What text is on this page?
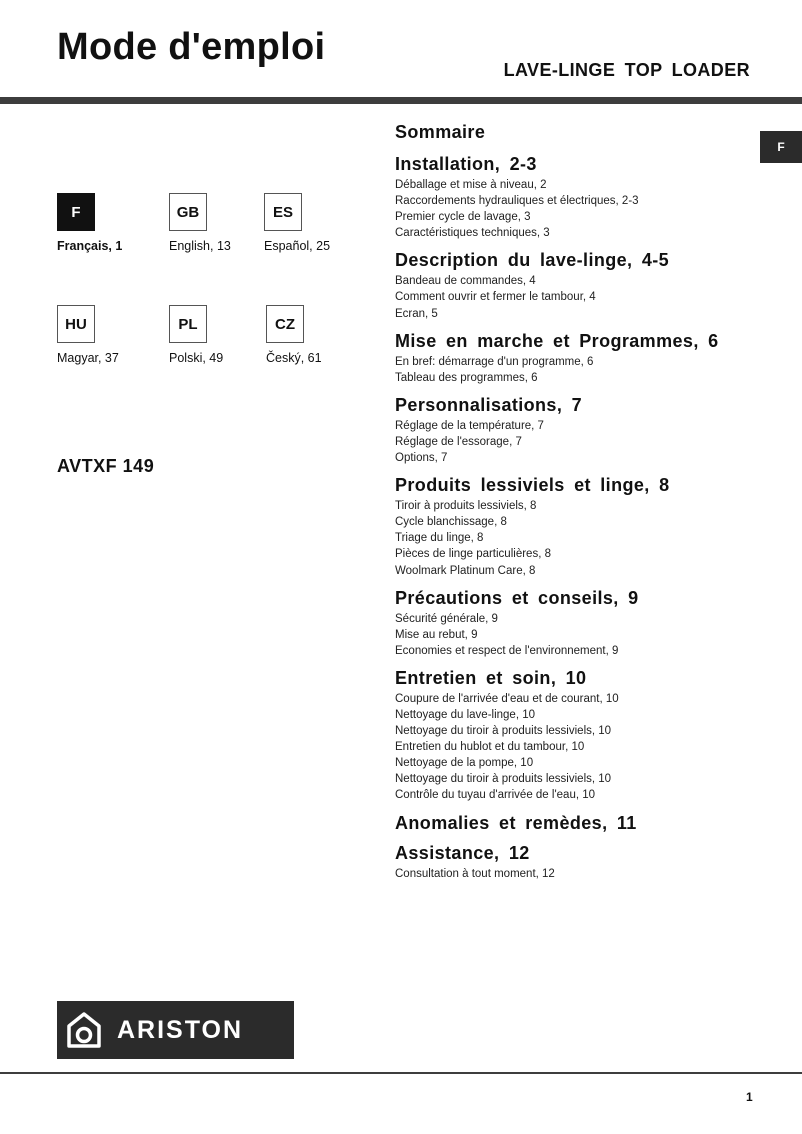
Mode d'emploi
LAVE-LINGE TOP LOADER
F
F
Français, 1
GB
English, 13
ES
Español, 25
HU
Magyar, 37
PL
Polski, 49
CZ
Český, 61
AVTXF 149
Sommaire
Installation, 2-3
Déballage et mise à niveau, 2
Raccordements hydrauliques et électriques, 2-3
Premier cycle de lavage, 3
Caractéristiques techniques, 3
Description du lave-linge, 4-5
Bandeau de commandes, 4
Comment ouvrir et fermer le tambour, 4
Ecran, 5
Mise en marche et Programmes, 6
En bref: démarrage d'un programme, 6
Tableau des programmes, 6
Personnalisations, 7
Réglage de la température, 7
Réglage de l'essorage, 7
Options, 7
Produits lessiviels et linge, 8
Tiroir à produits lessiviels, 8
Cycle blanchissage, 8
Triage du linge, 8
Pièces de linge particulières, 8
Woolmark Platinum Care, 8
Précautions et conseils, 9
Sécurité générale, 9
Mise au rebut, 9
Economies et respect de l'environnement, 9
Entretien et soin, 10
Coupure de l'arrivée d'eau et de courant, 10
Nettoyage du lave-linge, 10
Nettoyage du tiroir à produits lessiviels, 10
Entretien du hublot et du tambour, 10
Nettoyage de la pompe, 10
Nettoyage du tiroir à produits lessiviels, 10
Contrôle du tuyau d'arrivée de l'eau, 10
Anomalies et remèdes, 11
Assistance, 12
Consultation à tout moment, 12
ARISTON
1
